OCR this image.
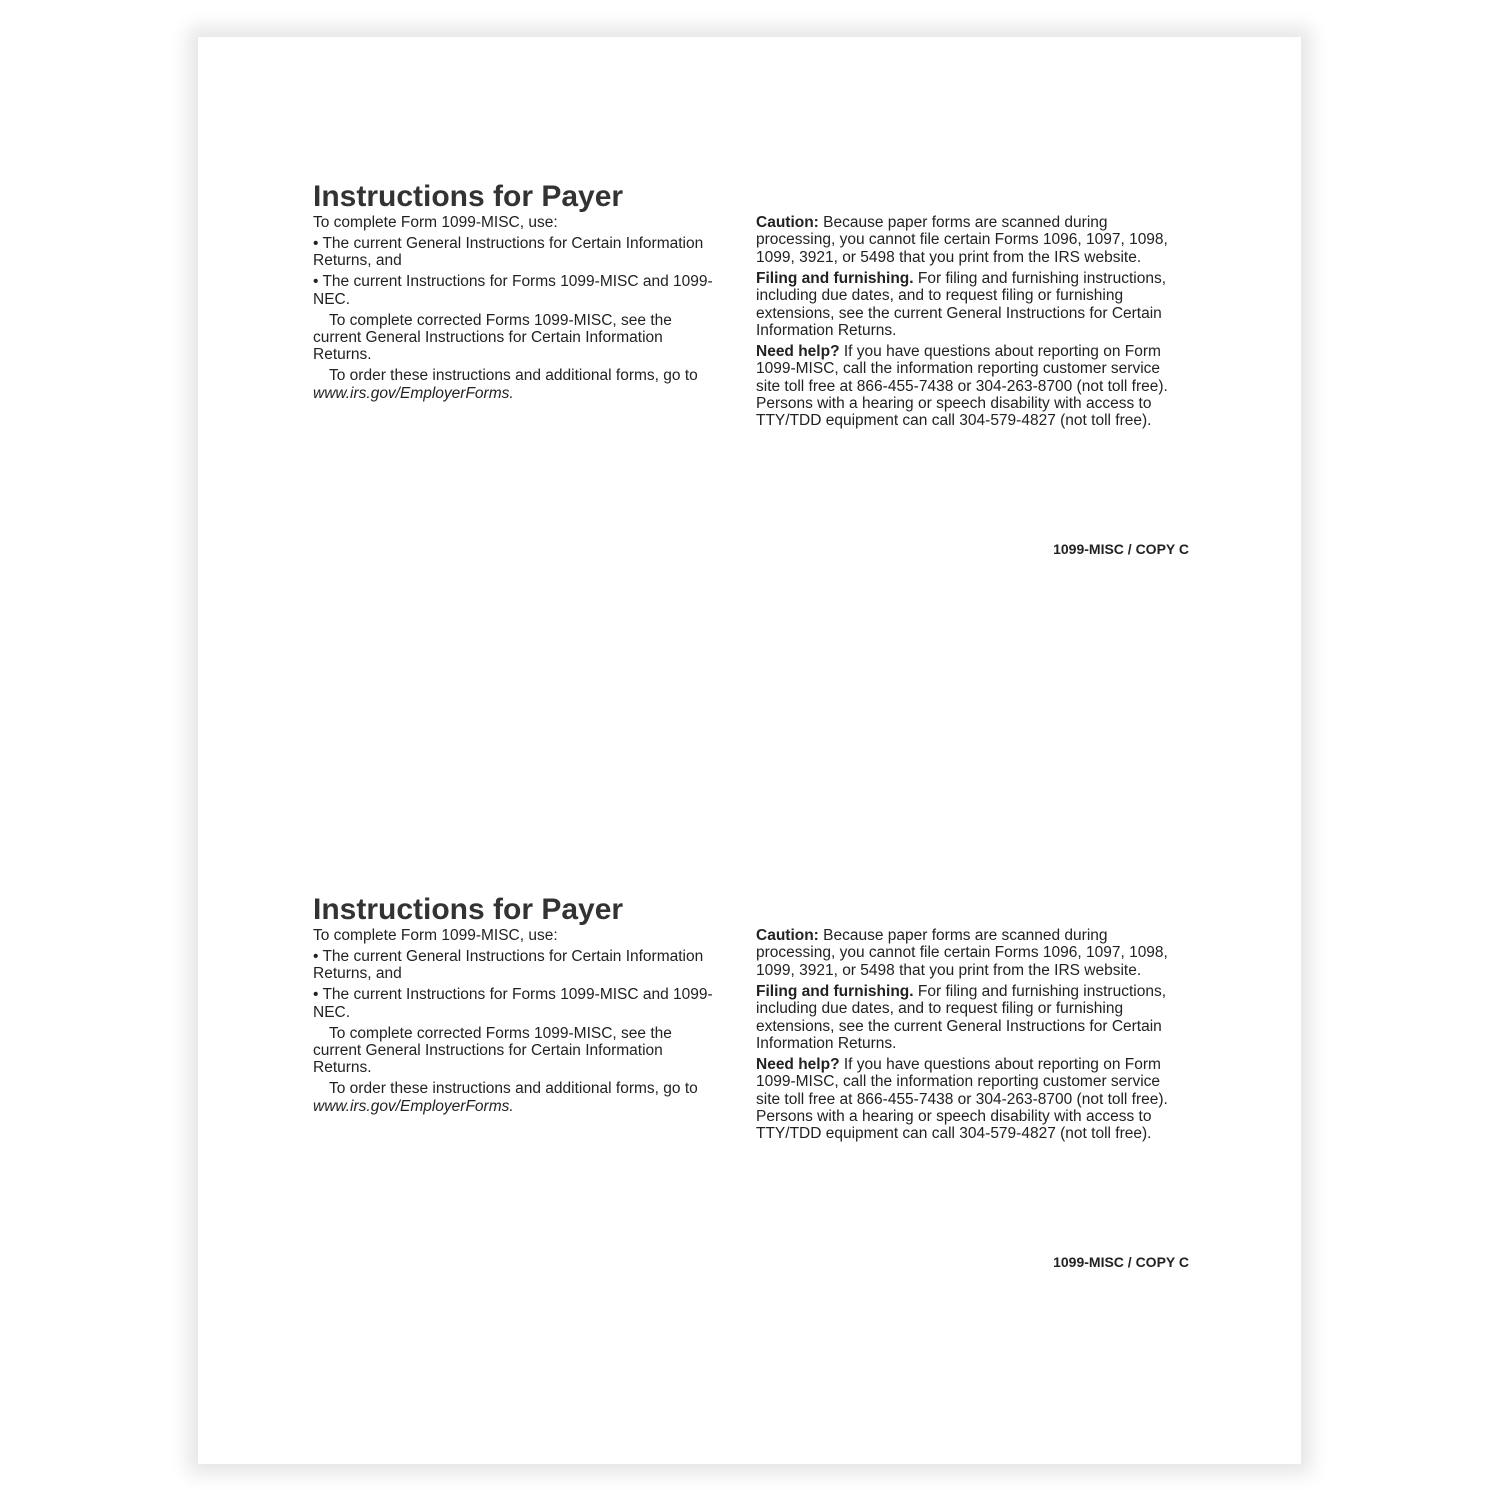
Instructions for Payer

To complete Form 1099-MISC, use:

• The current General Instructions for Certain Information Returns, and

• The current Instructions for Forms 1099-MISC and 1099-NEC.

To complete corrected Forms 1099-MISC, see the current General Instructions for Certain Information Returns.

To order these instructions and additional forms, go to www.irs.gov/EmployerForms.

Caution: Because paper forms are scanned during processing, you cannot file certain Forms 1096, 1097, 1098, 1099, 3921, or 5498 that you print from the IRS website.

Filing and furnishing. For filing and furnishing instructions, including due dates, and to request filing or furnishing extensions, see the current General Instructions for Certain Information Returns.

Need help? If you have questions about reporting on Form 1099-MISC, call the information reporting customer service site toll free at 866-455-7438 or 304-263-8700 (not toll free). Persons with a hearing or speech disability with access to TTY/TDD equipment can call 304-579-4827 (not toll free).

1099-MISC / COPY C
Instructions for Payer

To complete Form 1099-MISC, use:

• The current General Instructions for Certain Information Returns, and

• The current Instructions for Forms 1099-MISC and 1099-NEC.

To complete corrected Forms 1099-MISC, see the current General Instructions for Certain Information Returns.

To order these instructions and additional forms, go to www.irs.gov/EmployerForms.

Caution: Because paper forms are scanned during processing, you cannot file certain Forms 1096, 1097, 1098, 1099, 3921, or 5498 that you print from the IRS website.

Filing and furnishing. For filing and furnishing instructions, including due dates, and to request filing or furnishing extensions, see the current General Instructions for Certain Information Returns.

Need help? If you have questions about reporting on Form 1099-MISC, call the information reporting customer service site toll free at 866-455-7438 or 304-263-8700 (not toll free). Persons with a hearing or speech disability with access to TTY/TDD equipment can call 304-579-4827 (not toll free).

1099-MISC / COPY C
